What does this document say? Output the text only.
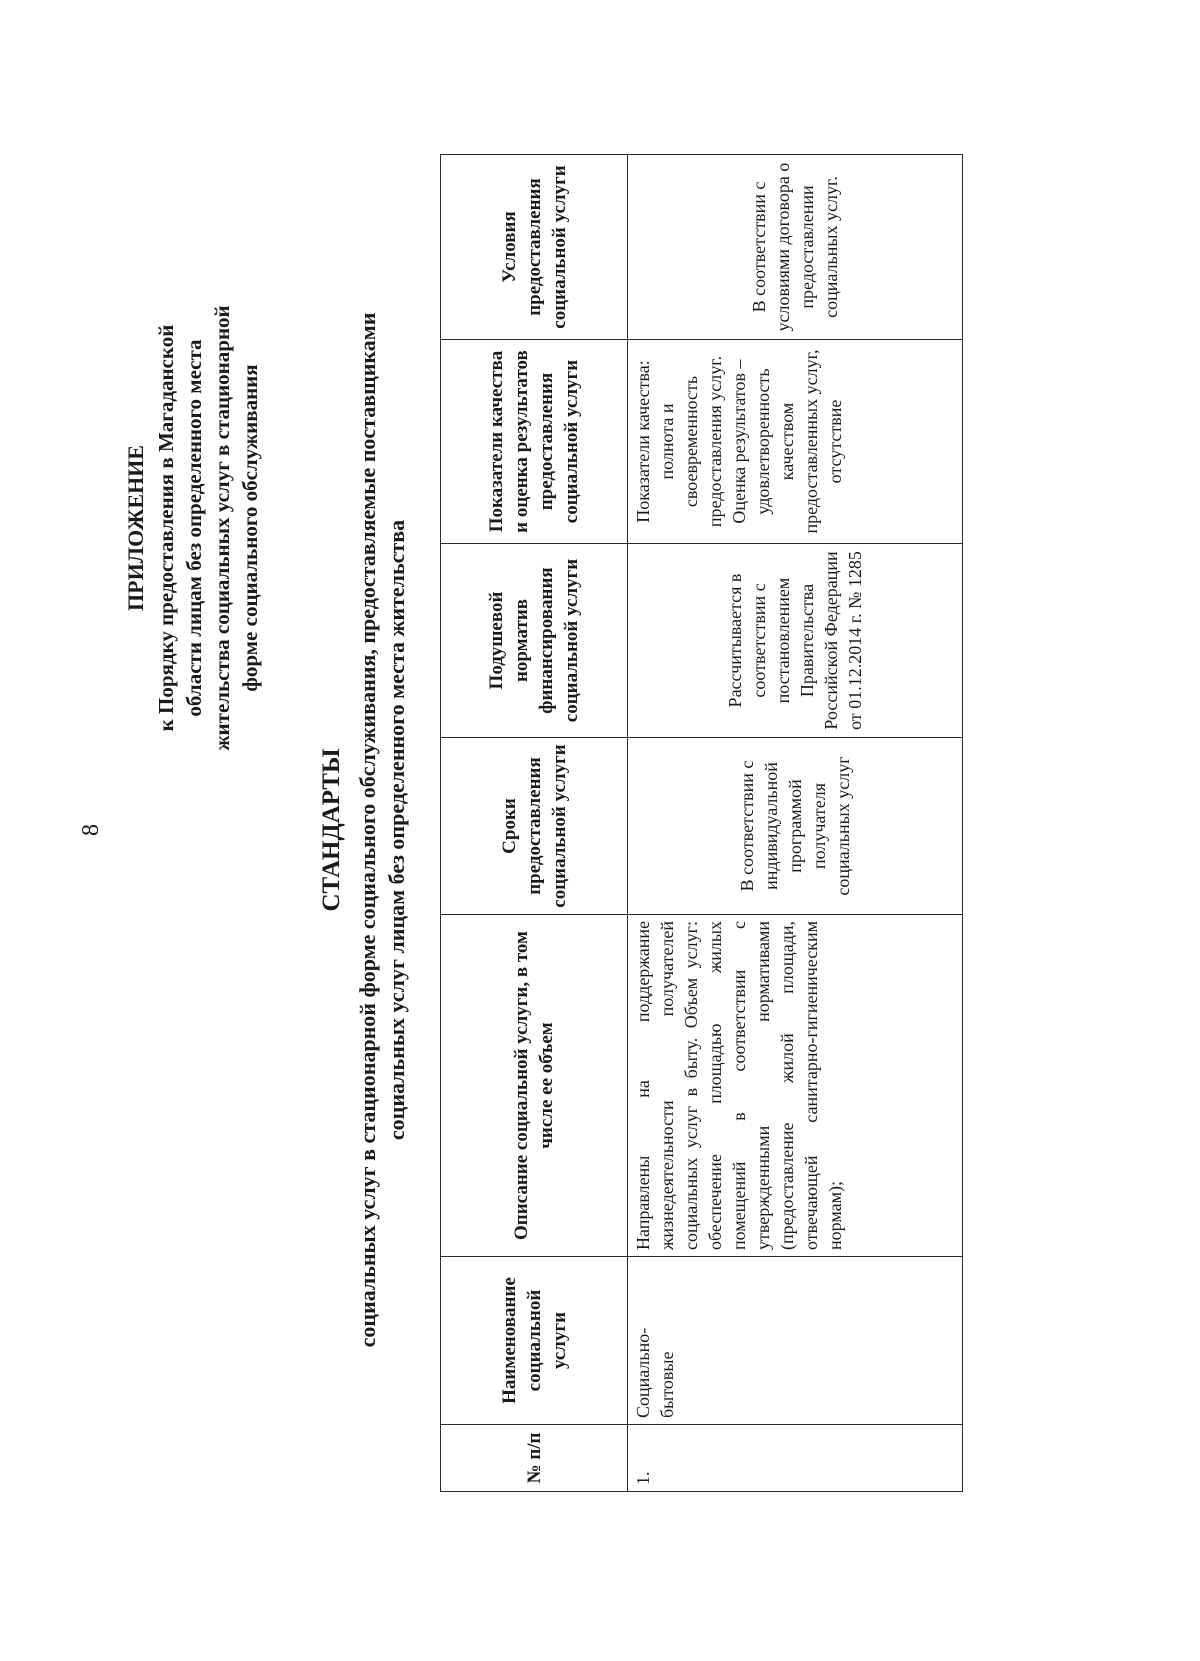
8
ПРИЛОЖЕНИЕ к Порядку предоставления в Магаданской области лицам без определенного места жительства социальных услуг в стационарной форме социального обслуживания
СТАНДАРТЫ социальных услуг в стационарной форме социального обслуживания, предоставляемые поставщиками социальных услуг лицам без определенного места жительства
№ п/п	Наименование социальной услуги	Описание социальной услуги, в том числе ее объем	Сроки предоставления социальной услуги	Подушевой норматив финансирования социальной услуги	Показатели качества и оценка результатов предоставления социальной услуги	Условия предоставления социальной услуги
1.	Социально-бытовые	Направлены на поддержание жизнедеятельности получателей социальных услуг в быту. Объем услуг: обеспечение площадью жилых помещений в соответствии с утвержденными нормативами (предоставление жилой площади, отвечающей санитарно-гигиеническим нормам);	В соответствии с индивидуальной программой получателя социальных услуг	Рассчитывается в соответствии с постановлением Правительства Российской Федерации от 01.12.2014 г. № 1285	Показатели качества: полнота и своевременность предоставления услуг. Оценка результатов – удовлетворенность качеством предоставленных услуг, отсутствие	В соответствии с условиями договора о предоставлении социальных услуг.
